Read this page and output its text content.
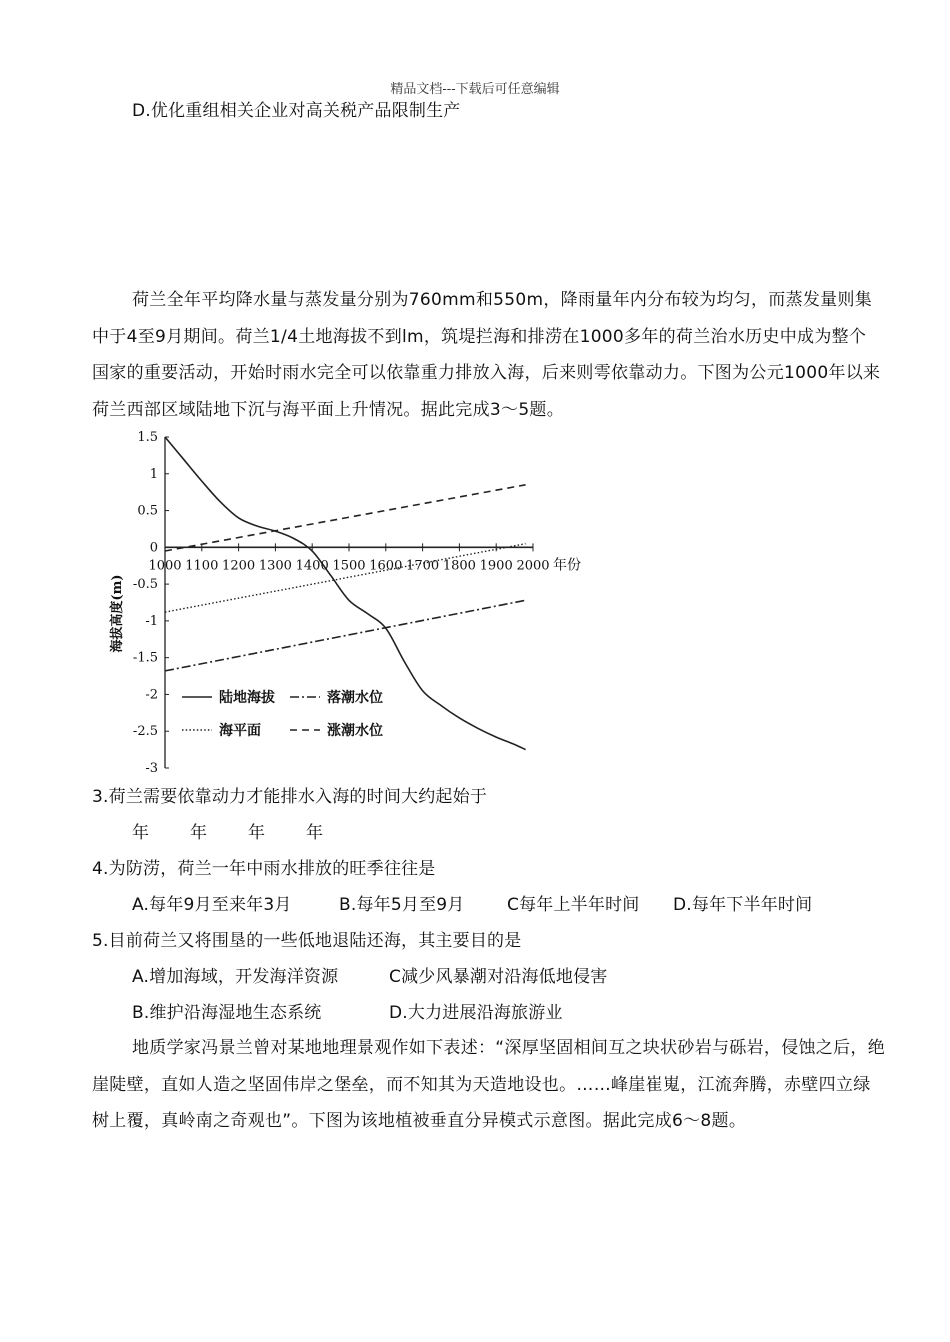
精品文档---下载后可任意编辑
D.优化重组相关企业对高关税产品限制生产
荷兰全年平均降水量与蒸发量分别为760mm和550m，降雨量年内分布较为均匀，而蒸发量则集中于4至9月期间。荷兰1/4土地海拔不到lm，筑堤拦海和排涝在1000多年的荷兰治水历史中成为整个国家的重要活动，开始时雨水完全可以依靠重力排放入海，后来则雩依靠动力。下图为公元1000年以来荷兰西部区域陆地下沉与海平面上升情况。据此完成3～5题。
1.5
1
0.5
0
-0.5
-1
-1.5
-2
-2.5
-3
1000 1100 1200 1300 1400 1500 1600 1700 1800 1900 2000 年份
海拔高度(m)
陆地海拔	落潮水位
海平面	涨潮水位
3.荷兰需要依靠动力才能排水入海的时间大约起始于
年 年 年 年
4.为防涝，荷兰一年中雨水排放的旺季往往是
A.每年9月至来年3月	B.每年5月至9月	C每年上半年时间 D.每年下半年时间
5.目前荷兰又将围垦的一些低地退陆还海，其主要目的是
A.增加海域，开发海洋资源	C减少风暴潮对沿海低地侵害
B.维护沿海湿地生态系统	D.大力进展沿海旅游业
地质学家冯景兰曾对某地地理景观作如下表述：“深厚坚固相间互之块状砂岩与砾岩，侵蚀之后，绝崖陡壁，直如人造之坚固伟岸之堡垒，而不知其为天造地设也。……峰崖崔嵬，江流奔腾，赤壁四立绿树上覆，真岭南之奇观也”。下图为该地植被垂直分异模式示意图。据此完成6～8题。
